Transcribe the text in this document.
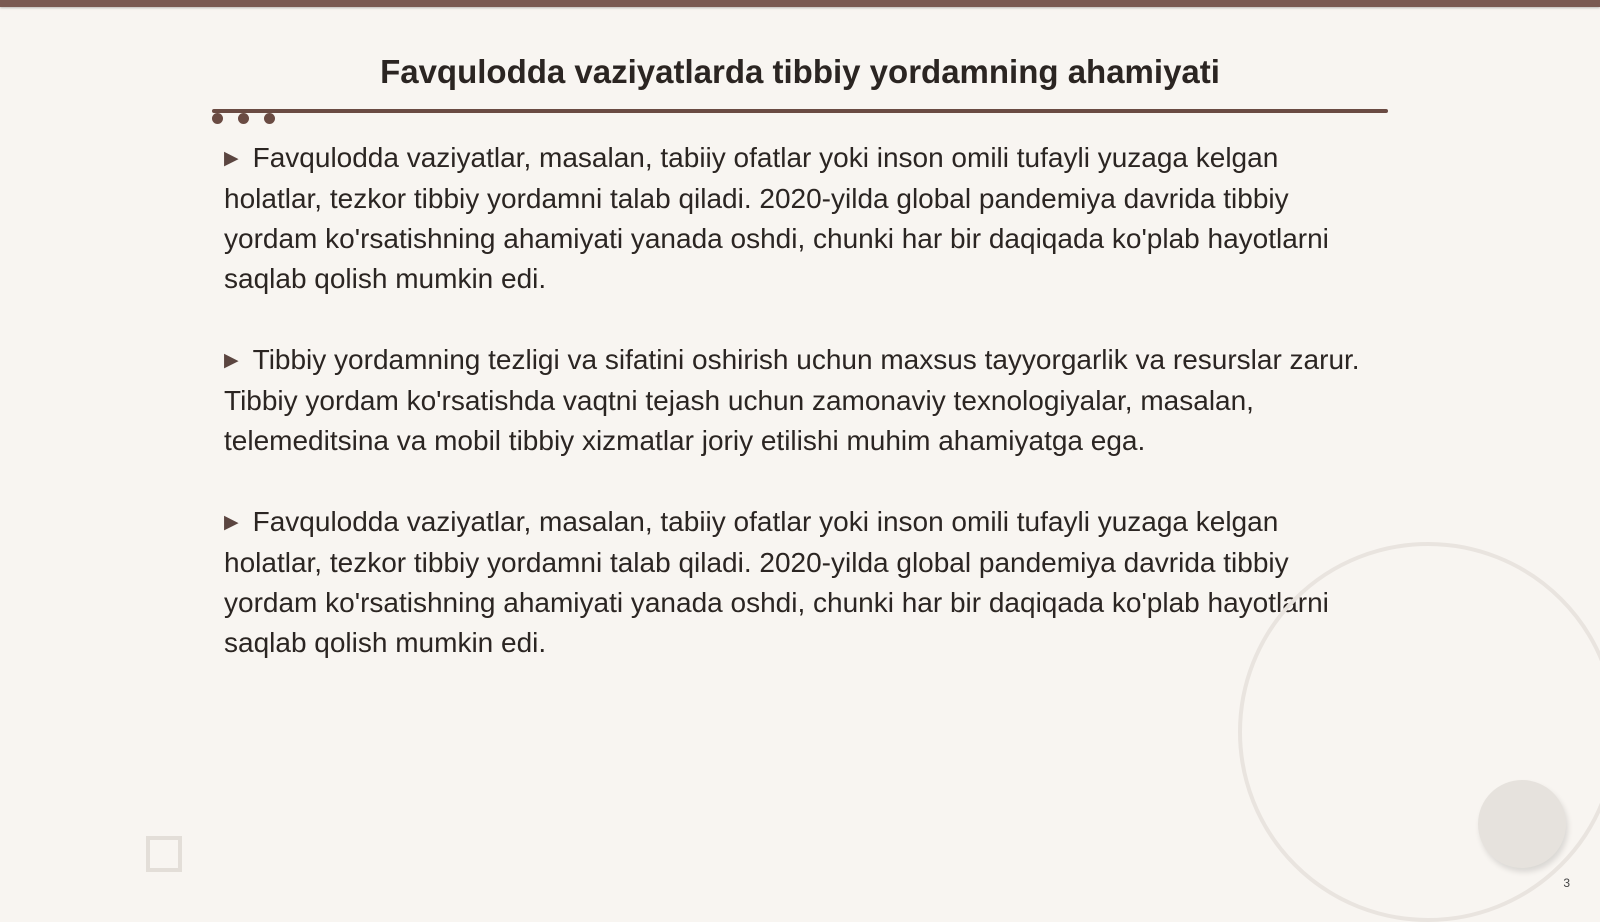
Favqulodda vaziyatlarda tibbiy yordamning ahamiyati

▶ Favqulodda vaziyatlar, masalan, tabiiy ofatlar yoki inson omili tufayli yuzaga kelgan holatlar, tezkor tibbiy yordamni talab qiladi. 2020-yilda global pandemiya davrida tibbiy yordam ko'rsatishning ahamiyati yanada oshdi, chunki har bir daqiqada ko'plab hayotlarni saqlab qolish mumkin edi.

▶ Tibbiy yordamning tezligi va sifatini oshirish uchun maxsus tayyorgarlik va resurslar zarur. Tibbiy yordam ko'rsatishda vaqtni tejash uchun zamonaviy texnologiyalar, masalan, telemeditsina va mobil tibbiy xizmatlar joriy etilishi muhim ahamiyatga ega.

▶ Favqulodda vaziyatlar, masalan, tabiiy ofatlar yoki inson omili tufayli yuzaga kelgan holatlar, tezkor tibbiy yordamni talab qiladi. 2020-yilda global pandemiya davrida tibbiy yordam ko'rsatishning ahamiyati yanada oshdi, chunki har bir daqiqada ko'plab hayotlarni saqlab qolish mumkin edi.

3
